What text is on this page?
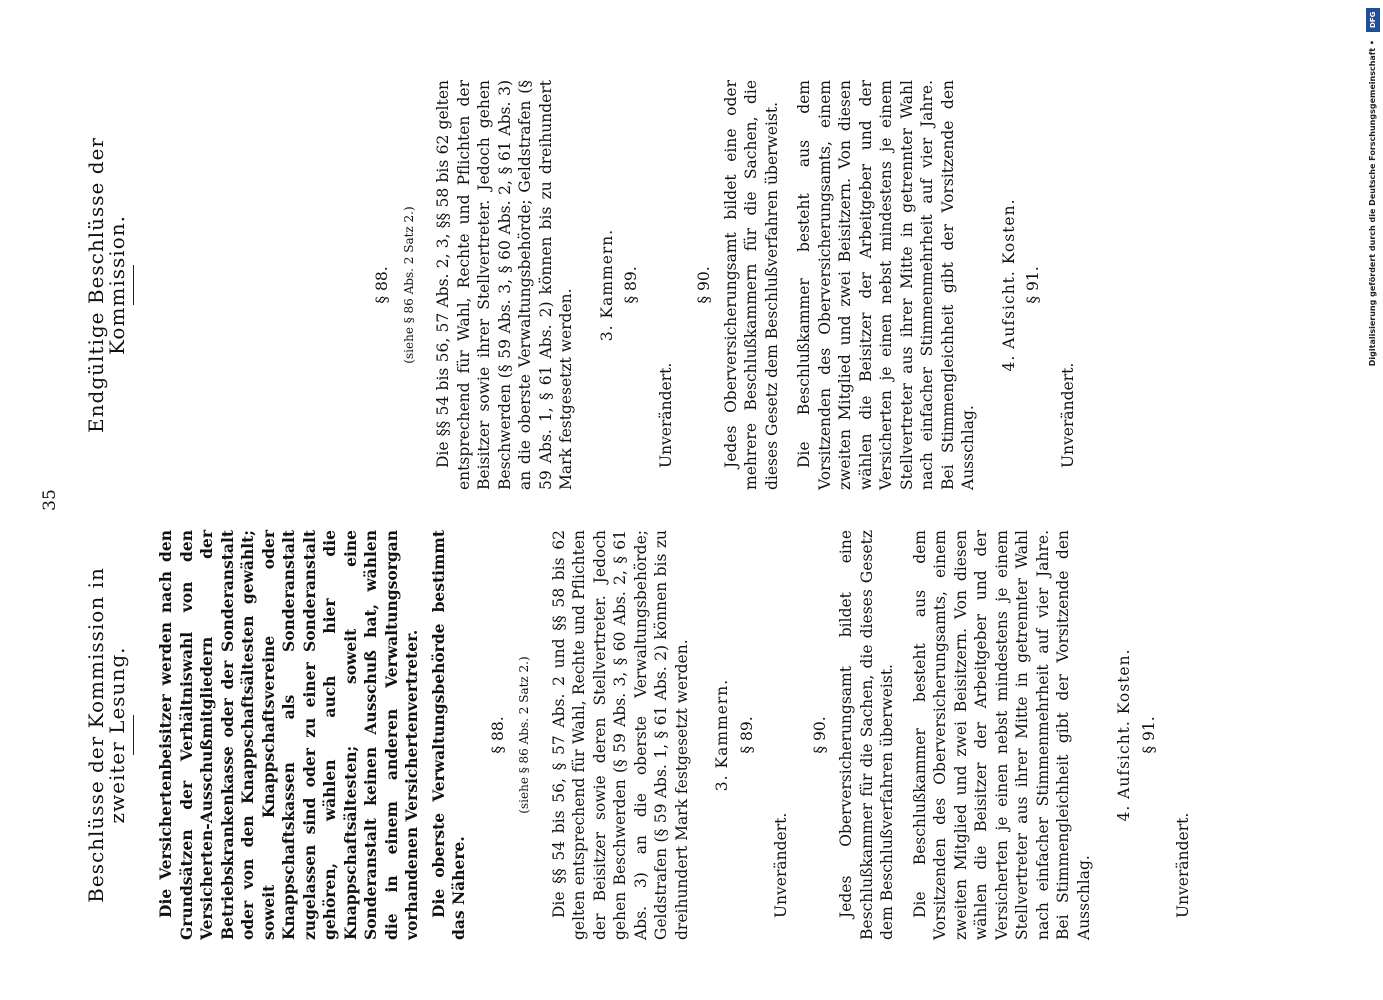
35
Beschlüsse der Kommission in zweiter Lesung. Die Versichertenbeisitzer werden nach den Grundsätzen der Verhältniswahl von den Versicherten-Ausschußmitgliedern der Betriebskrankenkasse oder der Sonderanstalt oder von den Knappschaftsältesten gewählt; soweit Knappschaftsvereine oder Knappschaftskassen als Sonderanstalt zugelassen sind oder zu einer Sonderanstalt gehören, wählen auch hier die Knappschaftsältesten; soweit eine Sonderanstalt keinen Ausschuß hat, wählen die in einem anderen Verwaltungsorgan vorhandenen Versichertenvertreter. Die oberste Verwaltungsbehörde bestimmt das Nähere.

§ 88. (siehe § 86 Abs. 2 Satz 2.) Die §§ 54 bis 56, § 57 Abs. 2 und §§ 58 bis 62 gelten entsprechend für Wahl, Rechte und Pflichten der Beisitzer sowie deren Stellvertreter. Jedoch gehen Beschwerden (§ 59 Abs. 3, § 60 Abs. 2, § 61 Abs. 3) an die oberste Verwaltungsbehörde; Geldstrafen (§ 59 Abs. 1, § 61 Abs. 2) können bis zu dreihundert Mark festgesetzt werden. 3. Kammern. § 89.

Unverändert.

§ 90. Jedes Oberversicherungsamt bildet eine Beschlußkammer für die Sachen, die dieses Gesetz dem Beschlußverfahren überweist. Die Beschlußkammer besteht aus dem Vorsitzenden des Oberversicherungsamts, einem zweiten Mitglied und zwei Beisitzern. Von diesen wählen die Beisitzer der Arbeitgeber und der Versicherten je einen nebst mindestens je einem Stellvertreter aus ihrer Mitte in getrennter Wahl nach einfacher Stimmenmehrheit auf vier Jahre. Bei Stimmengleichheit gibt der Vorsitzende den Ausschlag.

4. Aufsicht. Kosten. § 91.

Unverändert.

Endgültige Beschlüsse der Kommission.	§ 88. (siehe § 86 Abs. 2 Satz 2.) Die §§ 54 bis 56, 57 Abs. 2, 3, §§ 58 bis 62 gelten entsprechend für Wahl, Rechte und Pflichten der Beisitzer sowie ihrer Stellvertreter. Jedoch gehen Beschwerden (§ 59 Abs. 3, § 60 Abs. 2, § 61 Abs. 3) an die oberste Verwaltungsbehörde; Geldstrafen (§ 59 Abs. 1, § 61 Abs. 2) können bis zu dreihundert Mark festgesetzt werden.

3. Kammern. § 89.

Unverändert.

§ 90. Jedes Oberversicherungsamt bildet eine oder mehrere Beschlußkammern für die Sachen, die dieses Gesetz dem Beschlußverfahren überweist. Die Beschlußkammer besteht aus dem Vorsitzenden des Oberversicherungsamts, einem zweiten Mitglied und zwei Beisitzern. Von diesen wählen die Beisitzer der Arbeitgeber und der Versicherten je einen nebst mindestens je einem Stellvertreter aus ihrer Mitte in getrennter Wahl nach einfacher Stimmenmehrheit auf vier Jahre. Bei Stimmengleichheit gibt der Vorsitzende den Ausschlag.

4. Aufsicht. Kosten. § 91.

Unverändert.

DFG
Digitalisierung gefördert durch die Deutsche Forschungsgemeinschaft •
